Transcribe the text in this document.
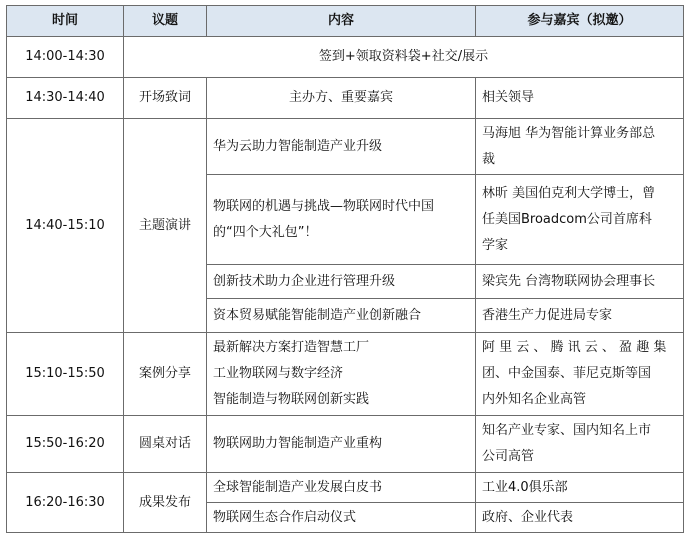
时间	议题	内容	参与嘉宾（拟邀）
14:00-14:30	签到+领取资料袋+社交/展示		
14:30-14:40	开场致词	主办方、重要嘉宾	相关领导
14:40-15:10	主题演讲	华为云助力智能制造产业升级	马海旭 华为智能计算业务部总
裁

		物联网的机遇与挑战—物联网时代中国
的“四个大礼包”！	林昕 美国伯克利大学博士，曾
任美国Broadcom公司首席科
学家

		创新技术助力企业进行管理升级	梁宾先 台湾物联网协会理事长
		资本贸易赋能智能制造产业创新融合	香港生产力促进局专家
15:10-15:50	案例分享	最新解决方案打造智慧工厂
工业物联网与数字经济
智能制造与物联网创新实践	阿 里 云 、 腾 讯 云 、 盈 趣 集
团、中金国泰、菲尼克斯等国
内外知名企业高管

15:50-16:20	圆桌对话	物联网助力智能制造产业重构	知名产业专家、国内知名上市
公司高管

16:20-16:30	成果发布	全球智能制造产业发展白皮书	工业4.0俱乐部
		物联网生态合作启动仪式	政府、企业代表
